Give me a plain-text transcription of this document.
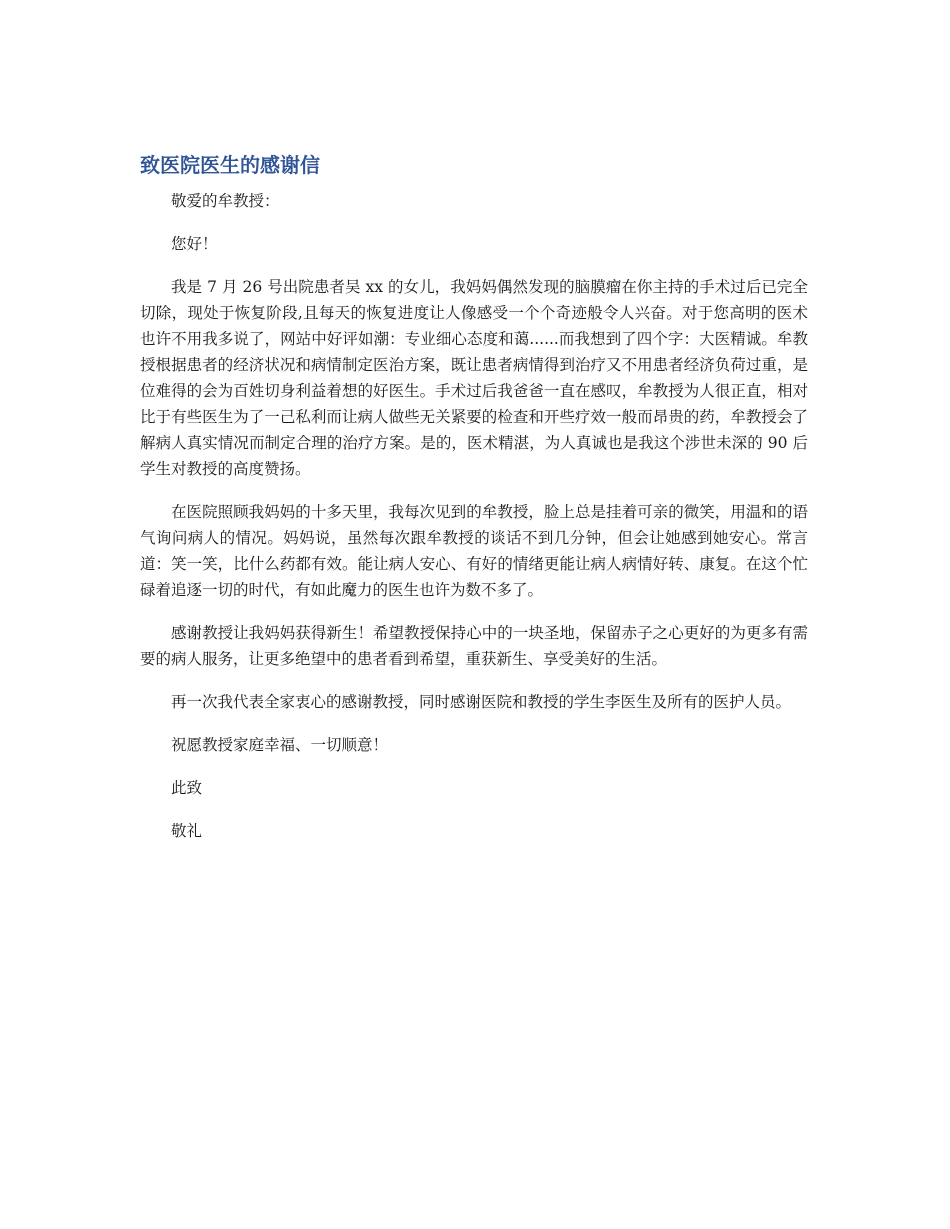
致医院医生的感谢信

敬爱的牟教授：

您好！

我是 7 月 26 号出院患者吴 xx 的女儿，我妈妈偶然发现的脑膜瘤在你主持的手术过后已完全切除，现处于恢复阶段,且每天的恢复进度让人像感受一个个奇迹般令人兴奋。对于您高明的医术也许不用我多说了，网站中好评如潮：专业细心态度和蔼......而我想到了四个字：大医精诚。牟教授根据患者的经济状况和病情制定医治方案，既让患者病情得到治疗又不用患者经济负荷过重，是位难得的会为百姓切身利益着想的好医生。手术过后我爸爸一直在感叹，牟教授为人很正直，相对比于有些医生为了一己私利而让病人做些无关紧要的检查和开些疗效一般而昂贵的药，牟教授会了解病人真实情况而制定合理的治疗方案。是的，医术精湛，为人真诚也是我这个涉世未深的 90 后学生对教授的高度赞扬。

在医院照顾我妈妈的十多天里，我每次见到的牟教授，脸上总是挂着可亲的微笑，用温和的语气询问病人的情况。妈妈说，虽然每次跟牟教授的谈话不到几分钟，但会让她感到她安心。常言道：笑一笑，比什么药都有效。能让病人安心、有好的情绪更能让病人病情好转、康复。在这个忙碌着追逐一切的时代，有如此魔力的医生也许为数不多了。

感谢教授让我妈妈获得新生！希望教授保持心中的一块圣地，保留赤子之心更好的为更多有需要的病人服务，让更多绝望中的患者看到希望，重获新生、享受美好的生活。

再一次我代表全家衷心的感谢教授，同时感谢医院和教授的学生李医生及所有的医护人员。

祝愿教授家庭幸福、一切顺意！

此致

敬礼
